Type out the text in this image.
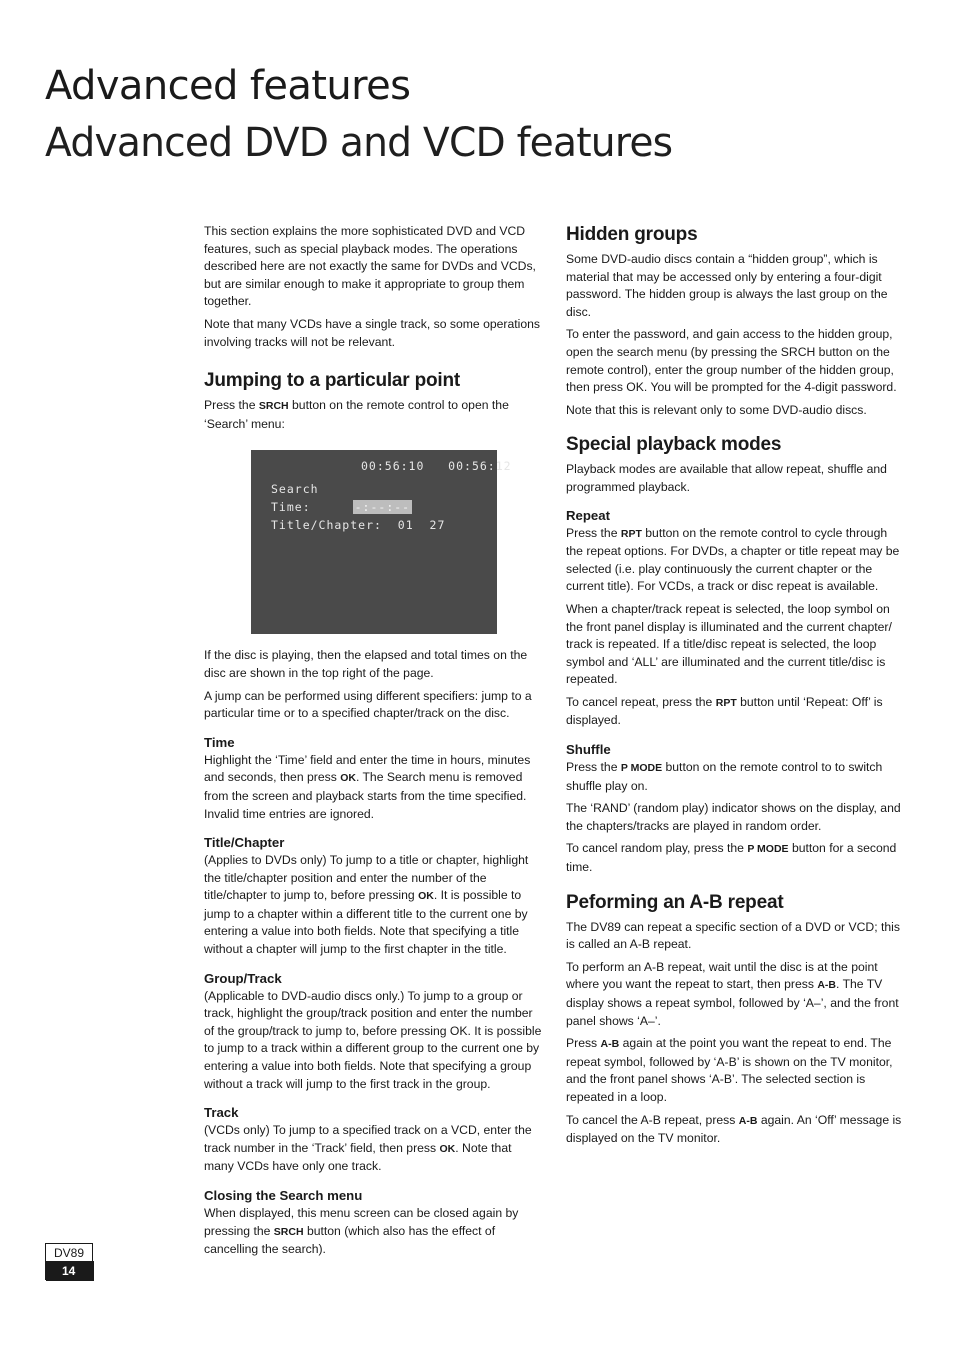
Advanced features
Advanced DVD and VCD features

This section explains the more sophisticated DVD and VCD features, such as special playback modes. The operations described here are not exactly the same for DVDs and VCDs, but are similar enough to make it appropriate to group them together.

Note that many VCDs have a single track, so some operations involving tracks will not be relevant.

Jumping to a particular point

Press the SRCH button on the remote control to open the ‘Search’ menu:

00:56:10 00:56:12
Search
Time:	-:--:--
Title/Chapter: 01 27

If the disc is playing, then the elapsed and total times on the disc are shown in the top right of the page.

A jump can be performed using different specifiers: jump to a particular time or to a specified chapter/track on the disc.

Time

Highlight the ‘Time’ field and enter the time in hours, minutes and seconds, then press OK. The Search menu is removed from the screen and playback starts from the time specified. Invalid time entries are ignored.

Title/Chapter

(Applies to DVDs only) To jump to a title or chapter, highlight the title/chapter position and enter the number of the title/chapter to jump to, before pressing OK. It is possible to jump to a chapter within a different title to the current one by entering a value into both fields. Note that specifying a title without a chapter will jump to the first chapter in the title.

Group/Track

(Applicable to DVD-audio discs only.) To jump to a group or track, highlight the group/track position and enter the number of the group/track to jump to, before pressing OK. It is possible to jump to a track within a different group to the current one by entering a value into both fields. Note that specifying a group without a track will jump to the first track in the group.

Track

(VCDs only) To jump to a specified track on a VCD, enter the track number in the ‘Track’ field, then press OK. Note that many VCDs have only one track.

Closing the Search menu

When displayed, this menu screen can be closed again by pressing the SRCH button (which also has the effect of cancelling the search).

Hidden groups

Some DVD-audio discs contain a “hidden group”, which is material that may be accessed only by entering a four-digit password. The hidden group is always the last group on the disc.

To enter the password, and gain access to the hidden group, open the search menu (by pressing the SRCH button on the remote control), enter the group number of the hidden group, then press OK. You will be prompted for the 4-digit password.

Note that this is relevant only to some DVD-audio discs.

Special playback modes

Playback modes are available that allow repeat, shuffle and programmed playback.

Repeat

Press the RPT button on the remote control to cycle through the repeat options. For DVDs, a chapter or title repeat may be selected (i.e. play continuously the current chapter or the current title). For VCDs, a track or disc repeat is available.

When a chapter/track repeat is selected, the loop symbol on the front panel display is illuminated and the current chapter/ track is repeated. If a title/disc repeat is selected, the loop symbol and ‘ALL’ are illuminated and the current title/disc is repeated.

To cancel repeat, press the RPT button until ‘Repeat: Off’ is displayed.

Shuffle

Press the P MODE button on the remote control to to switch shuffle play on.

The ‘RAND’ (random play) indicator shows on the display, and the chapters/tracks are played in random order.

To cancel random play, press the P MODE button for a second time.

Peforming an A-B repeat

The DV89 can repeat a specific section of a DVD or VCD; this is called an A-B repeat.

To perform an A-B repeat, wait until the disc is at the point where you want the repeat to start, then press A-B. The TV display shows a repeat symbol, followed by ‘A–’, and the front panel shows ‘A–’.

Press A-B again at the point you want the repeat to end. The repeat symbol, followed by ‘A-B’ is shown on the TV monitor, and the front panel shows ‘A-B’. The selected section is repeated in a loop.

To cancel the A-B repeat, press A-B again. An ‘Off’ message is displayed on the TV monitor.

DV89
14
